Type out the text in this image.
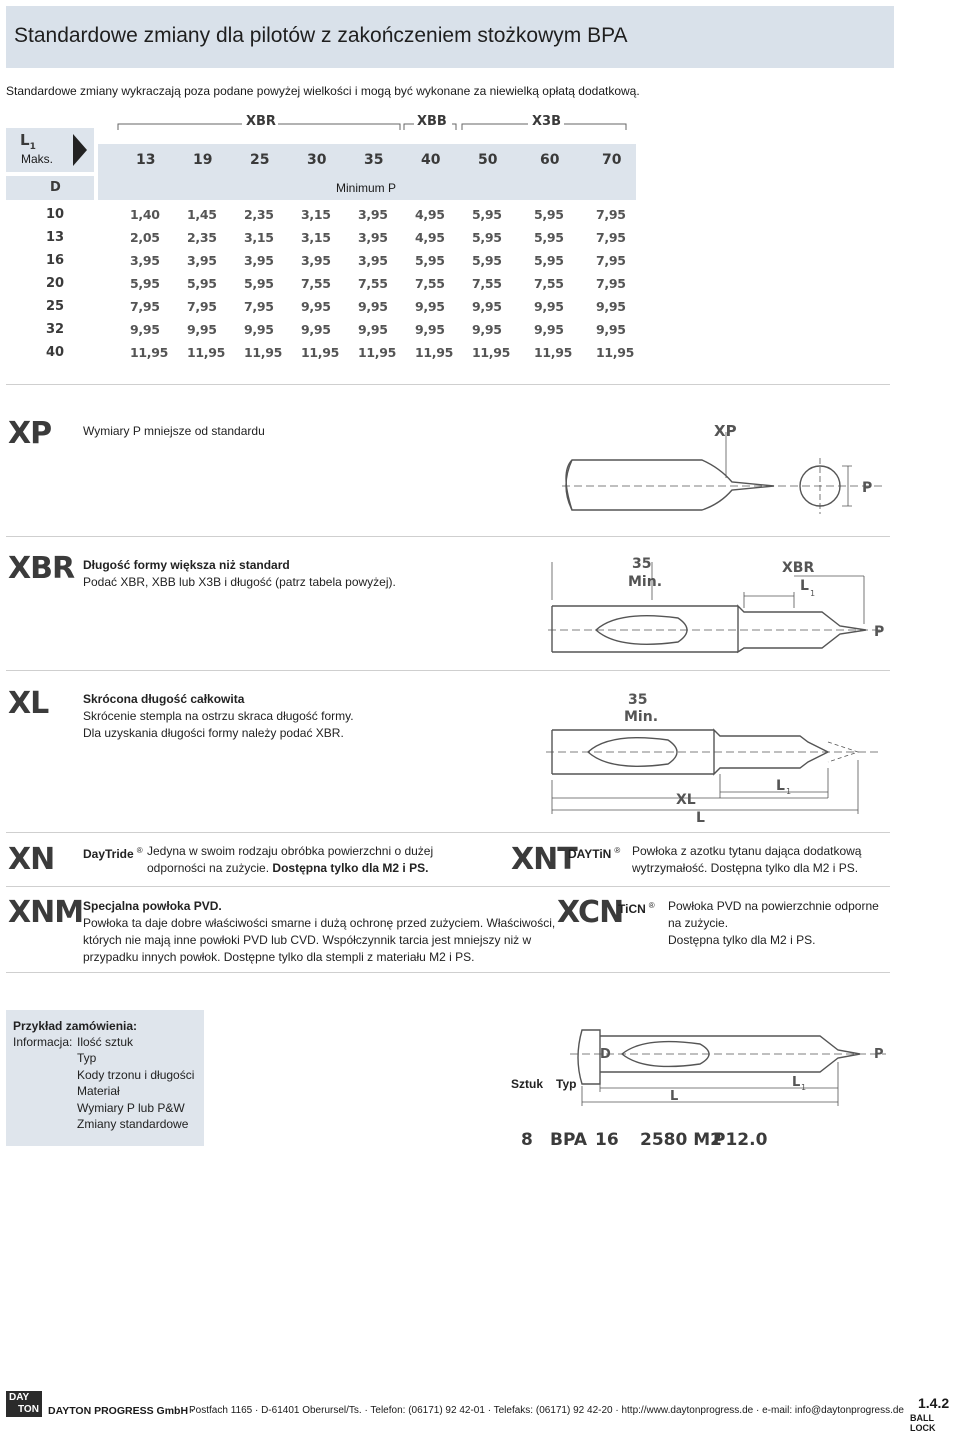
Standardowe zmiany dla pilotów z zakończeniem stożkowym BPA
Standardowe zmiany wykraczają poza podane powyżej wielkości i mogą być wykonane za niewielką opłatą dodatkową.
XBR	XBB	X3B
$L_1$
Maks.	13	19	25	30	35	40	50	60	70
D	Minimum P
10	1,40 1,45 2,35 3,15 3,95 4,95 5,95	5,95	7,95
13	2,05 2,35 3,15 3,15 3,95 4,95 5,95	5,95	7,95
16	3,95 3,95 3,95 3,95 3,95 5,95 5,95	5,95	7,95
20	5,95 5,95 5,95 7,55 7,55 7,55 7,55	7,55	7,95
25	7,95 7,95 7,95 9,95 9,95 9,95 9,95	9,95	9,95
32	9,95 9,95 9,95 9,95 9,95 9,95 9,95	9,95	9,95
40	11,95 11,95 11,95 11,95 11,95 11,95 11,95 11,95 11,95
XP	Wymiary P mniejsze od standardu	XP
P
XBR Długość formy większa niż standard
Podać XBR, XBB lub X3B i długość (patrz tabela powyżej).
35
Min.
XBR
L 1
P
XL	Skrócona długość całkowita
Skrócenie stempla na ostrzu skraca długość formy.
Dla uzyskania długości formy należy podać XBR.
35
Min.
L 1
XL
L
XN DayTride ® Jedyna w swoim rodzaju obróbka powierzchni o dużej
odporności na zużycie. Dostępna tylko dla M2 i PS.	XNT
DAYTiN ® Powłoka z azotku tytanu dająca dodatkową
wytrzymałość. Dostępna tylko dla M2 i PS.
XNM Specjalna powłoka PVD.
Powłoka ta daje dobre właściwości smarne i dużą ochronę przed zużyciem. Właściwości,
których nie mają inne powłoki PVD lub CVD. Współczynnik tarcia jest mniejszy niż w
przypadku innych powłok. Dostępne tylko dla stempli z materiału M2 i PS.
XCN
TiCN ® Powłoka PVD na powierzchnie odporne
na zużycie.
Dostępna tylko dla M2 i PS.
Przykład zamówienia:
Informacja: Ilość sztuk
Typ
Kody trzonu i długości
Materiał
Wymiary P lub P&W
Zmiany standardowe
Sztuk Typ
D	P
L 1
L
8 BPA 16 2580 M2
P12.0
DAY
TON DAYTON PROGRESS GmbH ·
Postfach 1165 · D-61401 Oberursel/Ts. · Telefon: (06171) 92 42-01 · Telefaks: (06171) 92 42-20 · http://www.daytonprogress.de · e-mail: info@daytonprogress.de 1.4.2
BALL LOCK
